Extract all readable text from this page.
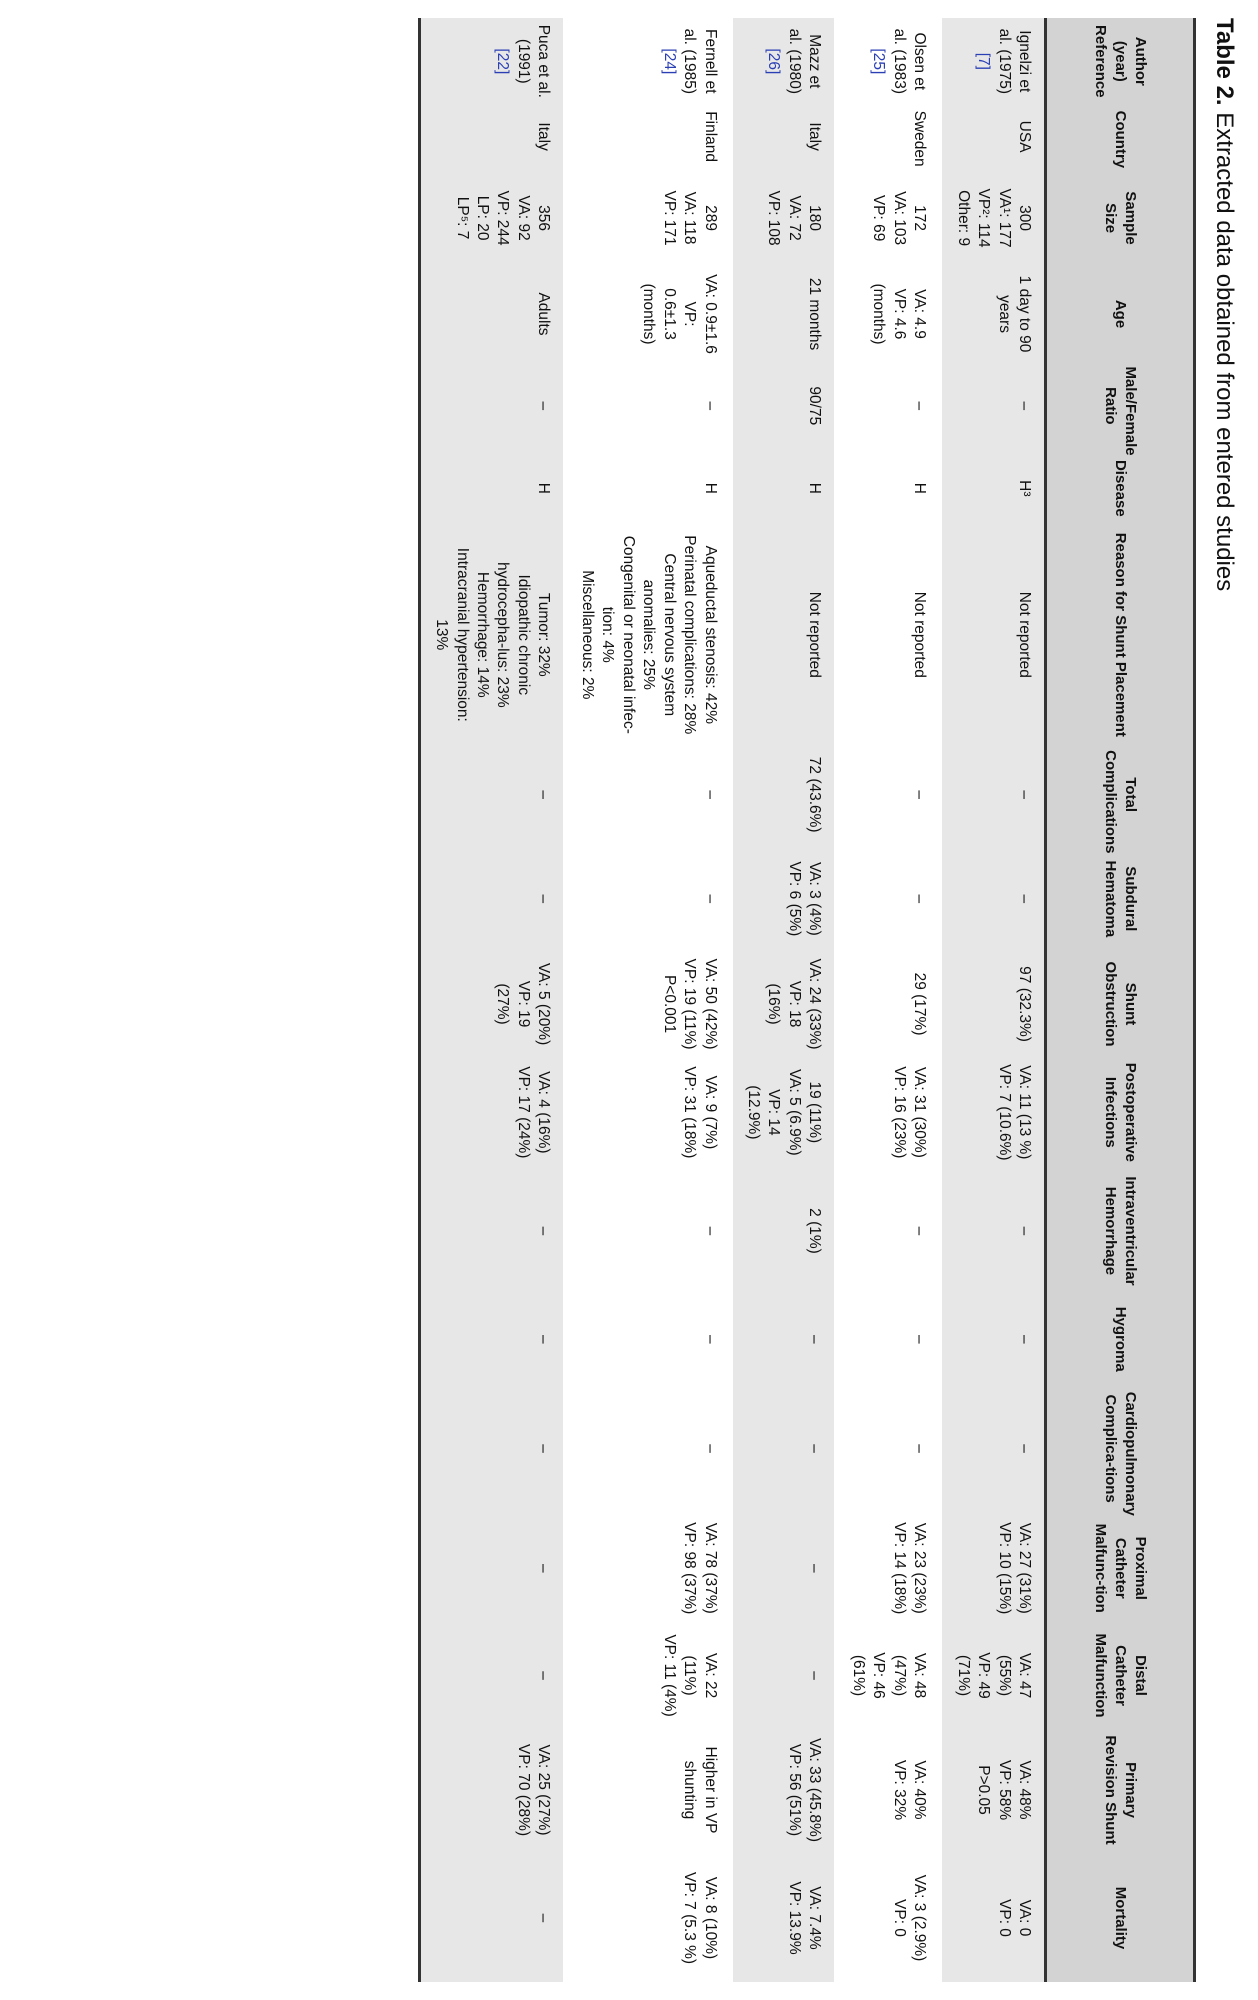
Table 2. Extracted data obtained from entered studies
Author (year) Reference	Country	Sample Size	Age	Male/Female Ratio	Disease	Reason for Shunt Placement	Total Complications	Subdural Hematoma	Shunt Obstruction	Postoperative Infections	Intraventricular Hemorrhage	Hygroma	Cardiopulmonary Complica-tions	Proximal Catheter Malfunc-tion	Distal Catheter Malfunction	Primary Revision Shunt	Mortality

Ignelzi et al. (1975)
[7]	USA	300
VA¹: 177
VP²: 114
Other: 9	1 day to 90 years	–	H³	Not reported	–	–	97 (32.3%)	VA: 11 (13 %)
VP: 7 (10.6%)	–	–	–	VA: 27 (31%)
VP: 10 (15%)	VA: 47 (55%)
VP: 49 (71%)	VA: 48%
VP: 58%
P>0.05	VA: 0
VP: 0

Olsen et al. (1983)
[25]	Sweden	172
VA: 103
VP: 69	VA: 4.9
VP: 4.6
(months)	–	H	Not reported	–	–	29 (17%)	VA: 31 (30%)
VP: 16 (23%)	–	–	–	VA: 23 (23%)
VP: 14 (18%)	VA: 48 (47%)
VP: 46 (61%)	VA: 40%
VP: 32%	VA: 3 (2.9%)
VP: 0

Mazz et al. (1980)
[26]	Italy	180
VA: 72
VP: 108	21 months	90/75	H	Not reported	72 (43.6%)	VA: 3 (4%)
VP: 6 (5%)	VA: 24 (33%)
VP: 18 (16%)	19 (11%)
VA: 5 (6.9%)
VP: 14 (12.9%)	2 (1%)	–	–	–	–	VA: 33 (45.8%)
VP: 56 (51%)	VA: 7.4%
VP: 13.9%

Fernell et al. (1985)
[24]	Finland	289
VA: 118
VP: 171	VA: 0.9±1.6
VP: 0.6±1.3
(months)	–	H	Aqueductal stenosis: 42%
Perinatal complications: 28%
Central nervous system anomalies: 25%
Congenital or neonatal infec-tion: 4%
Miscellaneous: 2%	–	–	VA: 50 (42%)
VP: 19 (11%)
P<0.001	VA: 9 (7%)
VP: 31 (18%)	–	–	–	VA: 78 (37%)
VP: 98 (37%)	VA: 22 (11%)
VP: 11 (4%)	Higher in VP shunting	VA: 8 (10%)
VP: 7 (5.3 %)

Puca et al. (1991)
[22]	Italy	356
VA: 92
VP: 244
LP: 20
LP⁵: 7	Adults	–	H	Tumor: 32%
Idiopathic chronic hydrocepha-lus: 23%
Hemorrhage: 14%
Intracranial hypertension: 13%	–	–	VA: 5 (20%)
VP: 19 (27%)	VA: 4 (16%)
VP: 17 (24%)	–	–	–	–	–	VA: 25 (27%)
VP: 70 (28%)	–
